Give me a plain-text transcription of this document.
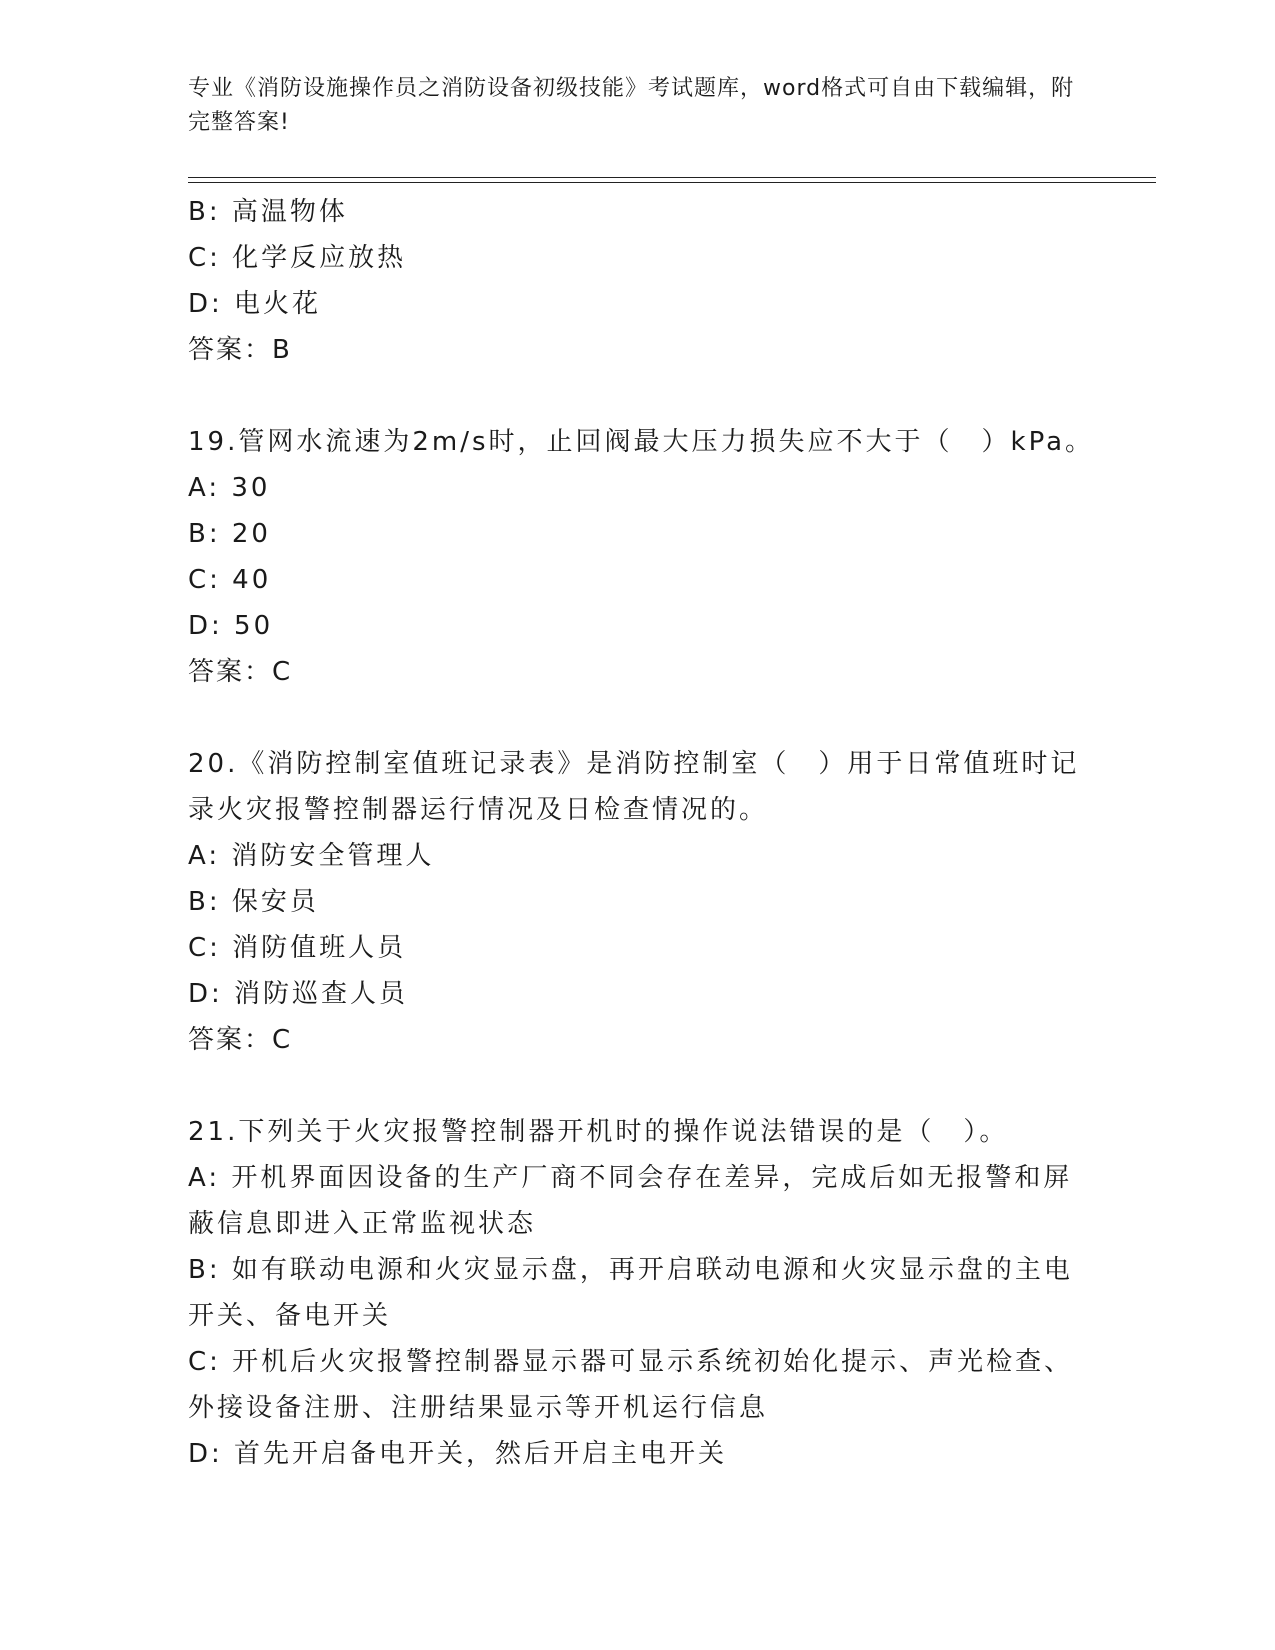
专业《消防设施操作员之消防设备初级技能》考试题库，word格式可自由下载编辑，附完整答案!
B: 高温物体
C: 化学反应放热
D: 电火花
答案：B
19.管网水流速为2m/s时，止回阀最大压力损失应不大于（　）kPa。
A: 30
B: 20
C: 40
D: 50
答案：C
20.《消防控制室值班记录表》是消防控制室（　）用于日常值班时记录火灾报警控制器运行情况及日检查情况的。
A: 消防安全管理人
B: 保安员
C: 消防值班人员
D: 消防巡查人员
答案：C
21.下列关于火灾报警控制器开机时的操作说法错误的是（　）。
A: 开机界面因设备的生产厂商不同会存在差异，完成后如无报警和屏蔽信息即进入正常监视状态
B: 如有联动电源和火灾显示盘，再开启联动电源和火灾显示盘的主电开关、备电开关
C: 开机后火灾报警控制器显示器可显示系统初始化提示、声光检查、外接设备注册、注册结果显示等开机运行信息
D: 首先开启备电开关，然后开启主电开关
